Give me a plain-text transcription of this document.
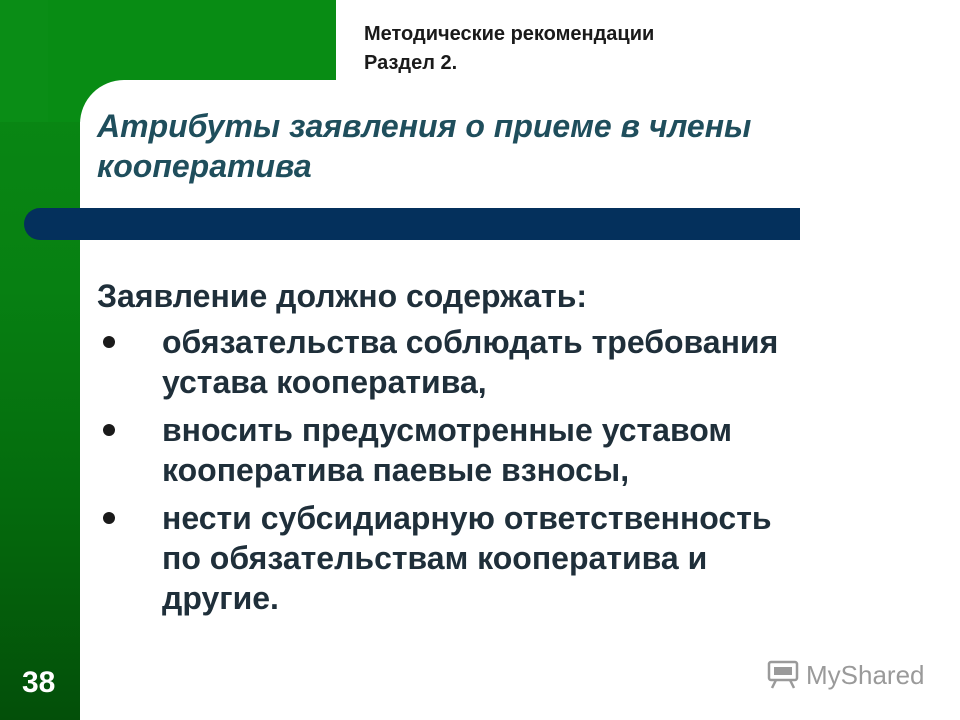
Методические рекомендации
Раздел 2.
Атрибуты заявления о приеме в члены
кооператива
Заявление должно содержать:
обязательства соблюдать требования
устава кооператива,
вносить предусмотренные уставом
кооператива паевые взносы,
нести субсидиарную ответственность
по обязательствам кооператива и
другие.
38	MyShared
